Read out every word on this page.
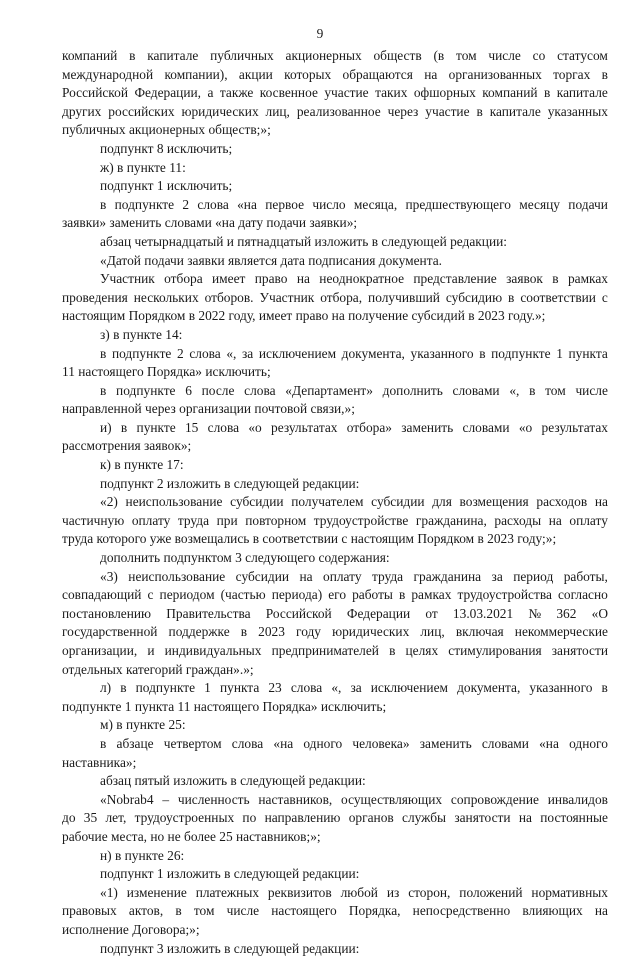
9
компаний в капитале публичных акционерных обществ (в том числе со статусом
международной компании), акции которых обращаются на организованных торгах в
Российской Федерации, а также косвенное участие таких офшорных компаний в капитале
других российских юридических лиц, реализованное через участие в капитале указанных
публичных акционерных обществ;»;
подпункт 8 исключить;
ж) в пункте 11:
подпункт 1 исключить;
в подпункте 2 слова «на первое число месяца, предшествующего месяцу подачи
заявки» заменить словами «на дату подачи заявки»;
абзац четырнадцатый и пятнадцатый изложить в следующей редакции:
«Датой подачи заявки является дата подписания документа.
Участник отбора имеет право на неоднократное представление заявок в рамках
проведения нескольких отборов. Участник отбора, получивший субсидию в соответствии с
настоящим Порядком в 2022 году, имеет право на получение субсидий в 2023 году.»;
з) в пункте 14:
в подпункте 2 слова «, за исключением документа, указанного в подпункте 1 пункта
11 настоящего Порядка» исключить;
в подпункте 6 после слова «Департамент» дополнить словами «, в том числе
направленной через организации почтовой связи,»;
и) в пункте 15 слова «о результатах отбора» заменить словами «о результатах
рассмотрения заявок»;
к) в пункте 17:
подпункт 2 изложить в следующей редакции:
«2) неиспользование субсидии получателем субсидии для возмещения расходов на
частичную оплату труда при повторном трудоустройстве гражданина, расходы на оплату
труда которого уже возмещались в соответствии с настоящим Порядком в 2023 году;»;
дополнить подпунктом 3 следующего содержания:
«3) неиспользование субсидии на оплату труда гражданина за период работы,
совпадающий с периодом (частью периода) его работы в рамках трудоустройства согласно
постановлению Правительства Российской Федерации от 13.03.2021 № 362 «О
государственной поддержке в 2023 году юридических лиц, включая некоммерческие
организации, и индивидуальных предпринимателей в целях стимулирования занятости
отдельных категорий граждан».»;
л) в подпункте 1 пункта 23 слова «, за исключением документа, указанного в
подпункте 1 пункта 11 настоящего Порядка» исключить;
м) в пункте 25:
в абзаце четвертом слова «на одного человека» заменить словами «на одного
наставника»;
абзац пятый изложить в следующей редакции:
«Nobrab4 – численность наставников, осуществляющих сопровождение инвалидов
до 35 лет, трудоустроенных по направлению органов службы занятости на постоянные
рабочие места, но не более 25 наставников;»;
н) в пункте 26:
подпункт 1 изложить в следующей редакции:
«1) изменение платежных реквизитов любой из сторон, положений нормативных
правовых актов, в том числе настоящего Порядка, непосредственно влияющих на
исполнение Договора;»;
подпункт 3 изложить в следующей редакции:
